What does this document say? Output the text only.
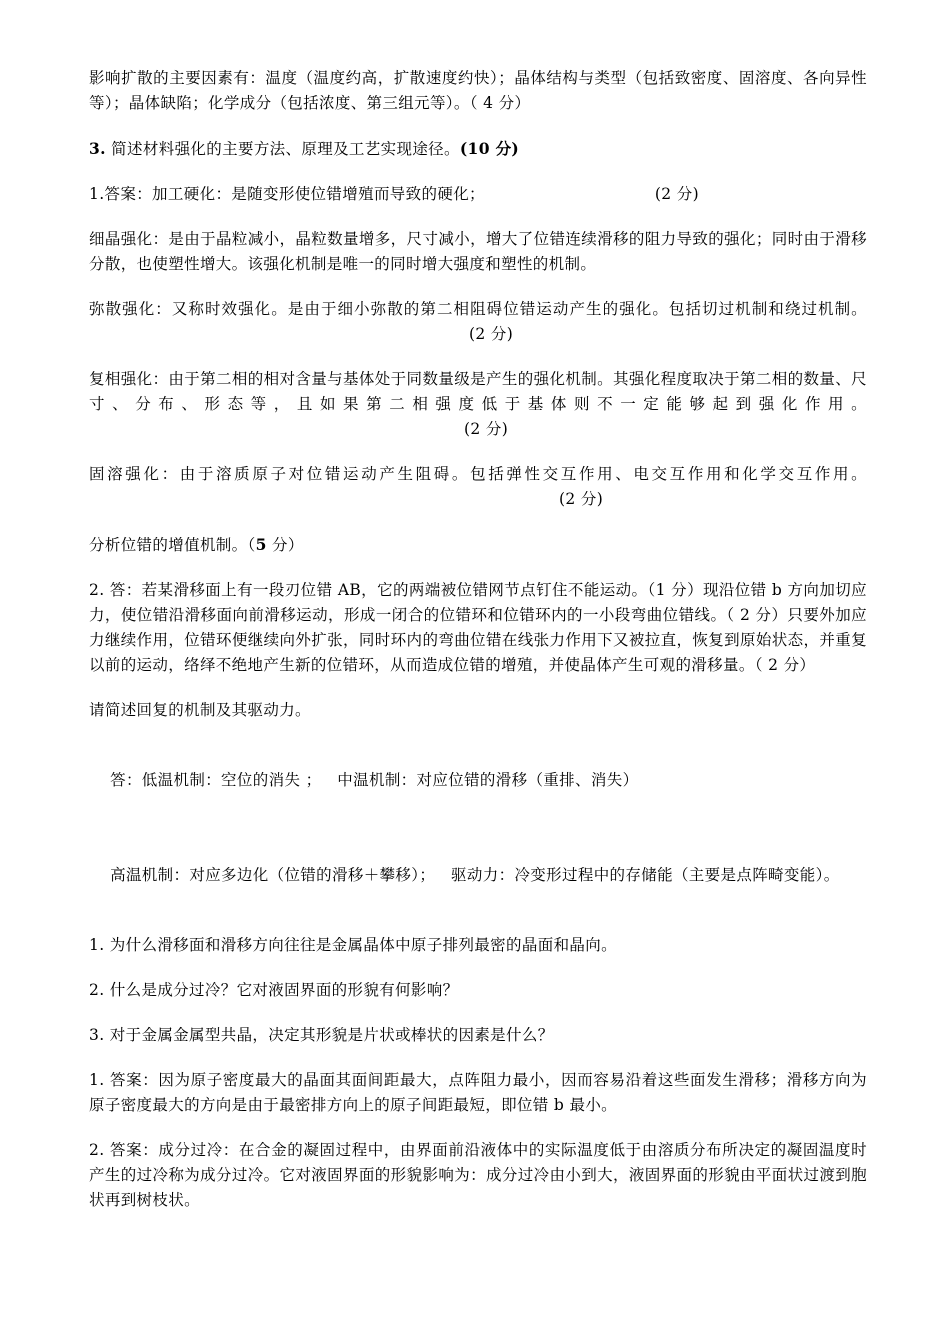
影响扩散的主要因素有：温度（温度约高，扩散速度约快）；晶体结构与类型（包括致密度、固溶度、各向异性等）；晶体缺陷；化学成分（包括浓度、第三组元等）。（ 4 分）

3. 简述材料强化的主要方法、原理及工艺实现途径。(10 分)

1.答案：加工硬化：是随变形使位错增殖而导致的硬化；	(2 分)

细晶强化：是由于晶粒减小，晶粒数量增多，尺寸减小，增大了位错连续滑移的阻力导致的强化；同时由于滑移分散，也使塑性增大。该强化机制是唯一的同时增大强度和塑性的机制。

弥散强化：又称时效强化。是由于细小弥散的第二相阻碍位错运动产生的强化。包括切过机制和绕过机制。(2 分)

复相强化：由于第二相的相对含量与基体处于同数量级是产生的强化机制。其强化程度取决于第二相的数量、尺寸、分布、形态等，且如果第二相强度低于基体则不一定能够起到强化作用。(2 分)

固溶强化：由于溶质原子对位错运动产生阻碍。包括弹性交互作用、电交互作用和化学交互作用。(2 分)

分析位错的增值机制。（5 分）

2. 答：若某滑移面上有一段刃位错 AB，它的两端被位错网节点钉住不能运动。（1 分）现沿位错 b 方向加切应力，使位错沿滑移面向前滑移运动，形成一闭合的位错环和位错环内的一小段弯曲位错线。（ 2 分）只要外加应力继续作用，位错环便继续向外扩张，同时环内的弯曲位错在线张力作用下又被拉直，恢复到原始状态，并重复以前的运动，络绎不绝地产生新的位错环，从而造成位错的增殖，并使晶体产生可观的滑移量。（ 2 分）

请简述回复的机制及其驱动力。

答：低温机制：空位的消失 ；   中温机制：对应位错的滑移（重排、消失）

高温机制：对应多边化（位错的滑移＋攀移）；   驱动力：冷变形过程中的存储能（主要是点阵畸变能）。

1. 为什么滑移面和滑移方向往往是金属晶体中原子排列最密的晶面和晶向。

2. 什么是成分过冷？它对液固界面的形貌有何影响？

3. 对于金属金属型共晶，决定其形貌是片状或棒状的因素是什么？

1. 答案：因为原子密度最大的晶面其面间距最大，点阵阻力最小，因而容易沿着这些面发生滑移；滑移方向为原子密度最大的方向是由于最密排方向上的原子间距最短，即位错 b 最小。

2. 答案：成分过冷：在合金的凝固过程中，由界面前沿液体中的实际温度低于由溶质分布所决定的凝固温度时产生的过冷称为成分过冷。它对液固界面的形貌影响为：成分过冷由小到大，液固界面的形貌由平面状过渡到胞状再到树枝状。
